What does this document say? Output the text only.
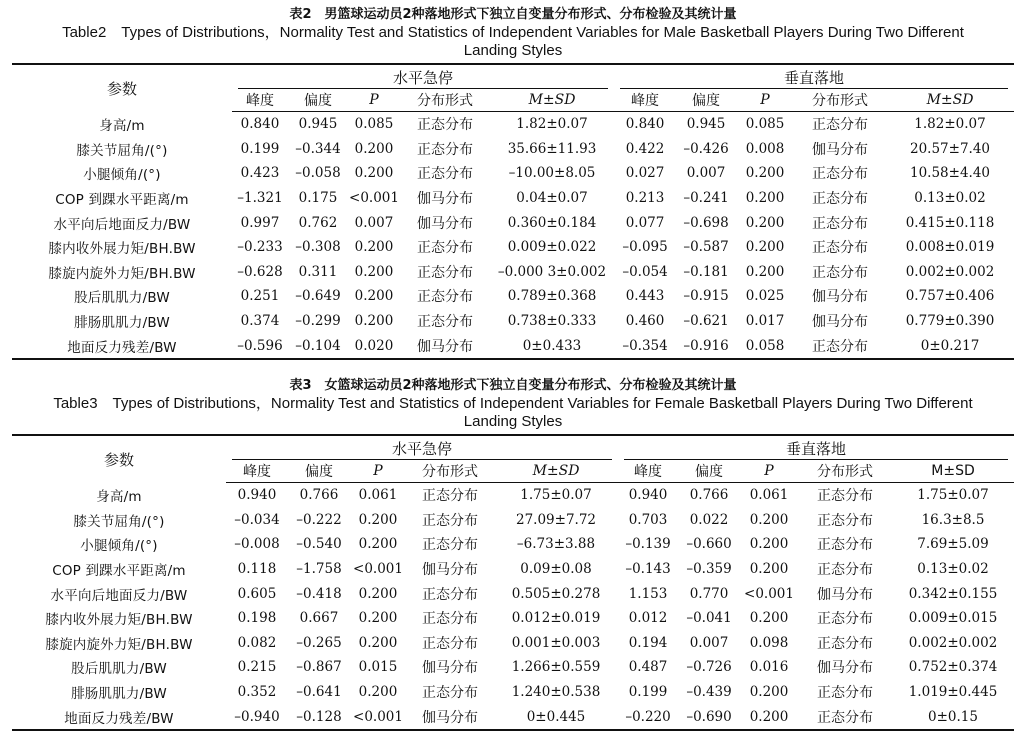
表2　男篮球运动员2种落地形式下独立自变量分布形式、分布检验及其统计量
Table2　Types of Distributions，Normality Test and Statistics of Independent Variables for Male Basketball Players During Two Different
Landing Styles
参数	水平急停					垂直落地				

	峰度	偏度	P	分布形式	M±SD	峰度	偏度	P	分布形式	M±SD
身高/m	0.840	0.945	0.085	正态分布	1.82±0.07	0.840	0.945	0.085	正态分布	1.82±0.07
膝关节屈角/(°)	0.199	–0.344	0.200	正态分布	35.66±11.93	0.422	–0.426	0.008	伽马分布	20.57±7.40
小腿倾角/(°)	0.423	–0.058	0.200	正态分布	–10.00±8.05	0.027	0.007	0.200	正态分布	10.58±4.40
COP 到踝水平距离/m	–1.321	0.175	<0.001	伽马分布	0.04±0.07	0.213	–0.241	0.200	正态分布	0.13±0.02
水平向后地面反力/BW	0.997	0.762	0.007	伽马分布	0.360±0.184	0.077	–0.698	0.200	正态分布	0.415±0.118
膝内收外展力矩/BH.BW	–0.233	–0.308	0.200	正态分布	0.009±0.022	–0.095	–0.587	0.200	正态分布	0.008±0.019
膝旋内旋外力矩/BH.BW	–0.628	0.311	0.200	正态分布	–0.000 3±0.002	–0.054	–0.181	0.200	正态分布	0.002±0.002
股后肌肌力/BW	0.251	–0.649	0.200	正态分布	0.789±0.368	0.443	–0.915	0.025	伽马分布	0.757±0.406
腓肠肌肌力/BW	0.374	–0.299	0.200	正态分布	0.738±0.333	0.460	–0.621	0.017	伽马分布	0.779±0.390
地面反力残差/BW	–0.596	–0.104	0.020	伽马分布	0±0.433	–0.354	–0.916	0.058	正态分布	0±0.217
表3　女篮球运动员2种落地形式下独立自变量分布形式、分布检验及其统计量
Table3　Types of Distributions，Normality Test and Statistics of Independent Variables for Female Basketball Players During Two Different
Landing Styles
参数	水平急停					垂直落地				

	峰度	偏度	P	分布形式	M±SD	峰度	偏度	P	分布形式	M±SD
身高/m	0.940	0.766	0.061	正态分布	1.75±0.07	0.940	0.766	0.061	正态分布	1.75±0.07
膝关节屈角/(°)	–0.034	–0.222	0.200	正态分布	27.09±7.72	0.703	0.022	0.200	正态分布	16.3±8.5
小腿倾角/(°)	–0.008	–0.540	0.200	正态分布	–6.73±3.88	–0.139	–0.660	0.200	正态分布	7.69±5.09
COP 到踝水平距离/m	0.118	–1.758	<0.001	伽马分布	0.09±0.08	–0.143	–0.359	0.200	正态分布	0.13±0.02
水平向后地面反力/BW	0.605	–0.418	0.200	正态分布	0.505±0.278	1.153	0.770	<0.001	伽马分布	0.342±0.155
膝内收外展力矩/BH.BW	0.198	0.667	0.200	正态分布	0.012±0.019	0.012	–0.041	0.200	正态分布	0.009±0.015
膝旋内旋外力矩/BH.BW	0.082	–0.265	0.200	正态分布	0.001±0.003	0.194	0.007	0.098	正态分布	0.002±0.002
股后肌肌力/BW	0.215	–0.867	0.015	伽马分布	1.266±0.559	0.487	–0.726	0.016	伽马分布	0.752±0.374
腓肠肌肌力/BW	0.352	–0.641	0.200	正态分布	1.240±0.538	0.199	–0.439	0.200	正态分布	1.019±0.445
地面反力残差/BW	–0.940	–0.128	<0.001	伽马分布	0±0.445	–0.220	–0.690	0.200	正态分布	0±0.15
